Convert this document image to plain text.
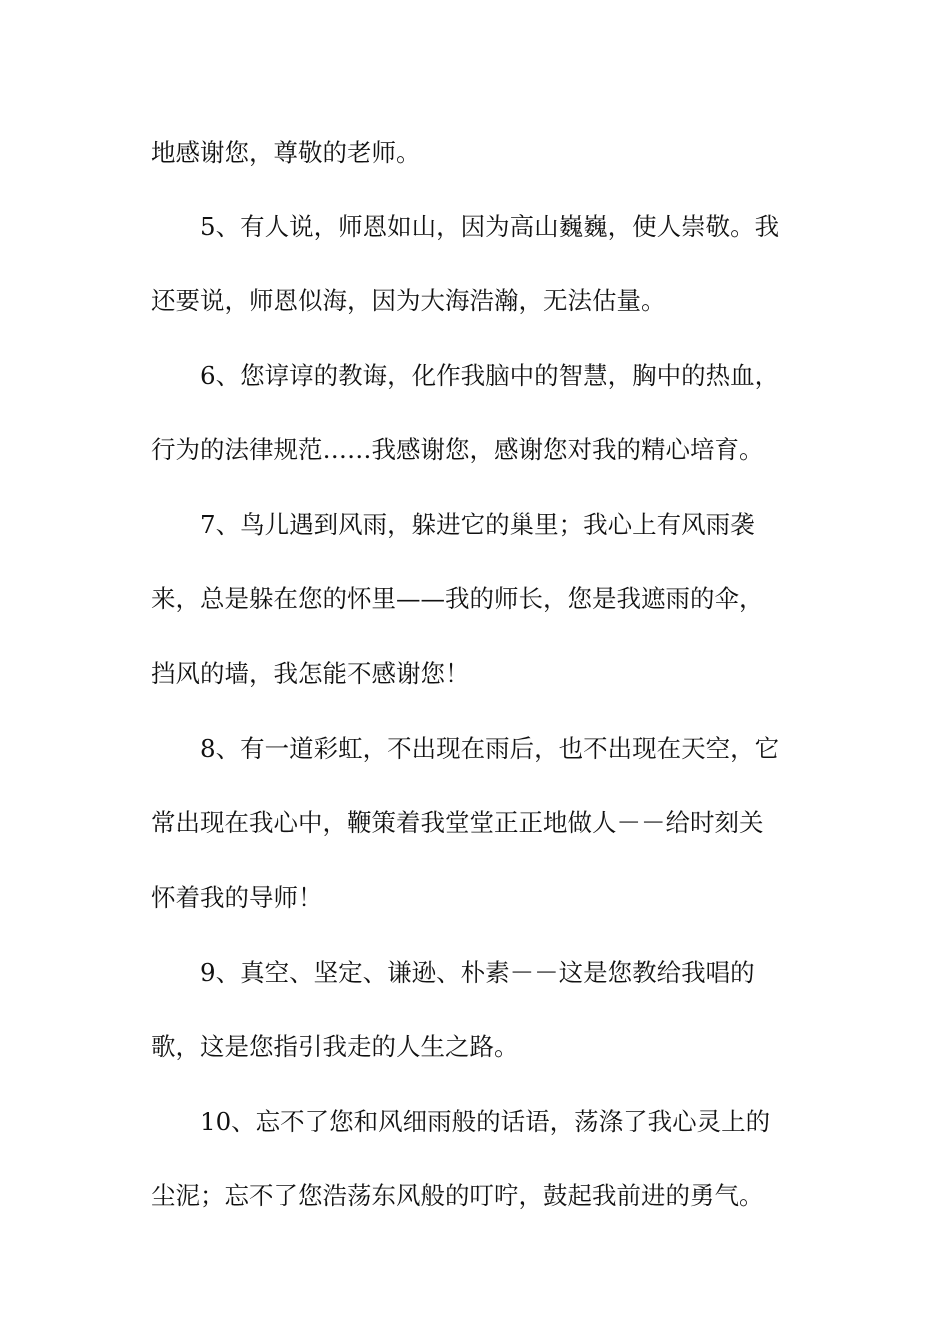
地感谢您，尊敬的老师。
5、有人说，师恩如山，因为高山巍巍，使人崇敬。我
还要说，师恩似海，因为大海浩瀚，无法估量。
6、您谆谆的教诲，化作我脑中的智慧，胸中的热血，
行为的法律规范……我感谢您，感谢您对我的精心培育。
7、鸟儿遇到风雨，躲进它的巢里；我心上有风雨袭
来，总是躲在您的怀里——我的师长，您是我遮雨的伞，
挡风的墙，我怎能不感谢您！
8、有一道彩虹，不出现在雨后，也不出现在天空，它
常出现在我心中，鞭策着我堂堂正正地做人－－给时刻关
怀着我的导师！
9、真空、坚定、谦逊、朴素－－这是您教给我唱的
歌，这是您指引我走的人生之路。
10、忘不了您和风细雨般的话语，荡涤了我心灵上的
尘泥；忘不了您浩荡东风般的叮咛，鼓起我前进的勇气。
